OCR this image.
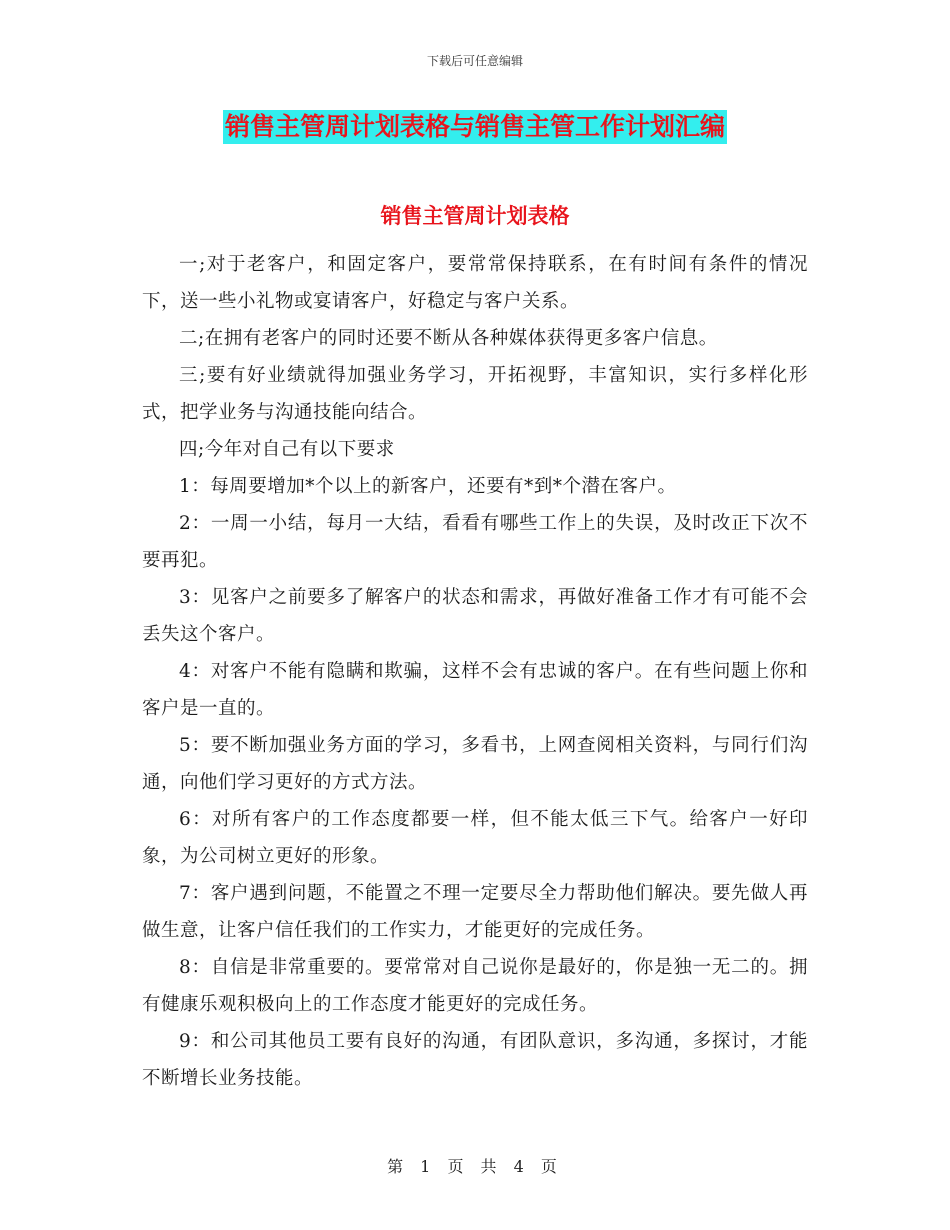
下载后可任意编辑
销售主管周计划表格与销售主管工作计划汇编
销售主管周计划表格

一;对于老客户，和固定客户，要常常保持联系，在有时间有条件的情况下，送一些小礼物或宴请客户，好稳定与客户关系。

二;在拥有老客户的同时还要不断从各种媒体获得更多客户信息。

三;要有好业绩就得加强业务学习，开拓视野，丰富知识，实行多样化形式，把学业务与沟通技能向结合。

四;今年对自己有以下要求

1：每周要增加*个以上的新客户，还要有*到*个潜在客户。

2：一周一小结，每月一大结，看看有哪些工作上的失误，及时改正下次不要再犯。

3：见客户之前要多了解客户的状态和需求，再做好准备工作才有可能不会丢失这个客户。

4：对客户不能有隐瞒和欺骗，这样不会有忠诚的客户。在有些问题上你和客户是一直的。

5：要不断加强业务方面的学习，多看书，上网查阅相关资料，与同行们沟通，向他们学习更好的方式方法。

6：对所有客户的工作态度都要一样，但不能太低三下气。给客户一好印象，为公司树立更好的形象。

7：客户遇到问题，不能置之不理一定要尽全力帮助他们解决。要先做人再做生意，让客户信任我们的工作实力，才能更好的完成任务。

8：自信是非常重要的。要常常对自己说你是最好的，你是独一无二的。拥有健康乐观积极向上的工作态度才能更好的完成任务。

9：和公司其他员工要有良好的沟通，有团队意识，多沟通，多探讨，才能不断增长业务技能。

第 1 页 共 4 页
